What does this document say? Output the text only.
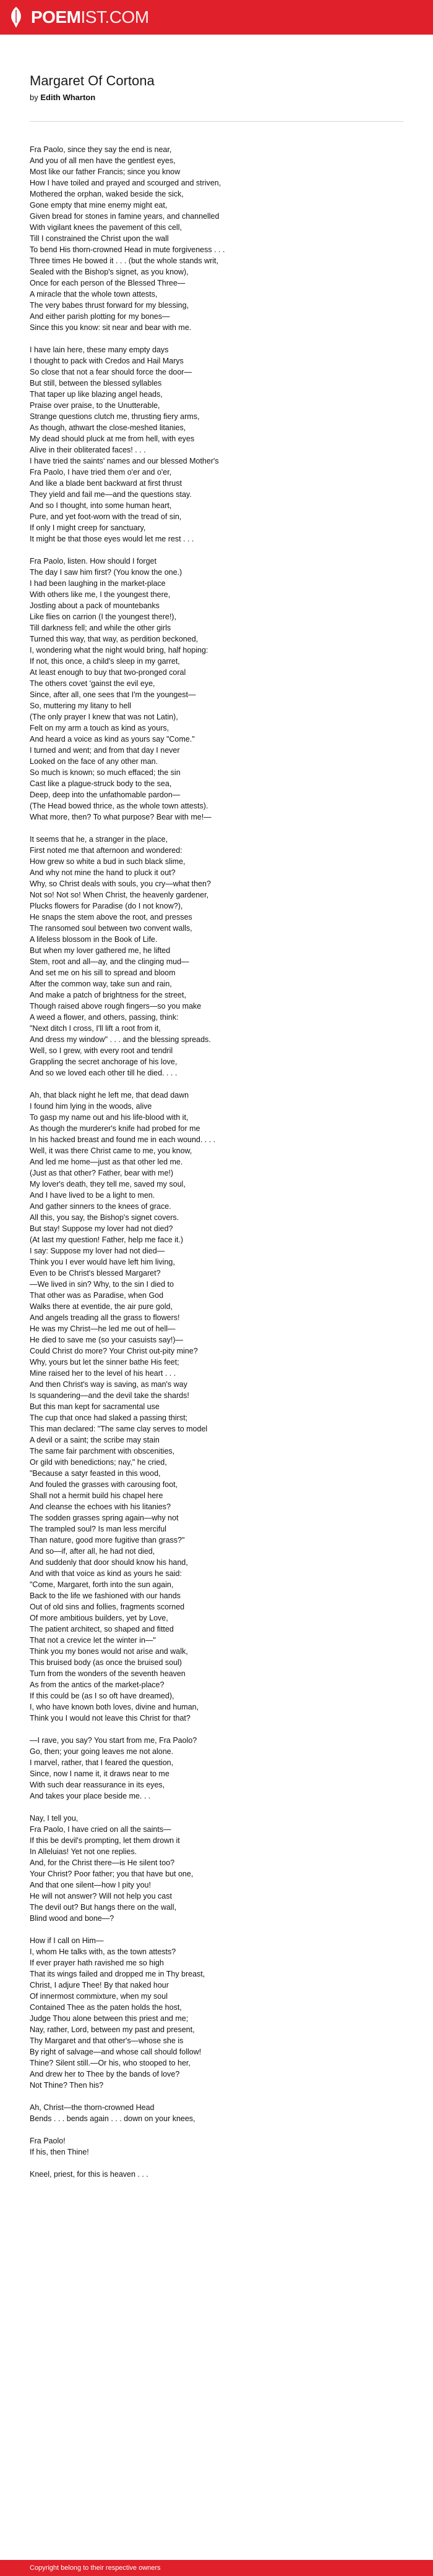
POEMIST.COM
Margaret Of Cortona

by Edith Wharton

Fra Paolo, since they say the end is near,
And you of all men have the gentlest eyes,
Most like our father Francis; since you know
How I have toiled and prayed and scourged and striven,
Mothered the orphan, waked beside the sick,
Gone empty that mine enemy might eat,
Given bread for stones in famine years, and channelled
With vigilant knees the pavement of this cell,
Till I constrained the Christ upon the wall
To bend His thorn-crowned Head in mute forgiveness . . .
Three times He bowed it . . . (but the whole stands writ,
Sealed with the Bishop's signet, as you know),
Once for each person of the Blessed Three—
A miracle that the whole town attests,
The very babes thrust forward for my blessing,
And either parish plotting for my bones—
Since this you know: sit near and bear with me.
I have lain here, these many empty days
I thought to pack with Credos and Hail Marys
So close that not a fear should force the door—
But still, between the blessed syllables
That taper up like blazing angel heads,
Praise over praise, to the Unutterable,
Strange questions clutch me, thrusting fiery arms,
As though, athwart the close-meshed litanies,
My dead should pluck at me from hell, with eyes
Alive in their obliterated faces! . . .
I have tried the saints' names and our blessed Mother's
Fra Paolo, I have tried them o'er and o'er,
And like a blade bent backward at first thrust
They yield and fail me—and the questions stay.
And so I thought, into some human heart,
Pure, and yet foot-worn with the tread of sin,
If only I might creep for sanctuary,
It might be that those eyes would let me rest . . .
Fra Paolo, listen. How should I forget
The day I saw him first? (You know the one.)
I had been laughing in the market-place
With others like me, I the youngest there,
Jostling about a pack of mountebanks
Like flies on carrion (I the youngest there!),
Till darkness fell; and while the other girls
Turned this way, that way, as perdition beckoned,
I, wondering what the night would bring, half hoping:
If not, this once, a child's sleep in my garret,
At least enough to buy that two-pronged coral
The others covet 'gainst the evil eye,
Since, after all, one sees that I'm the youngest—
So, muttering my litany to hell
(The only prayer I knew that was not Latin),
Felt on my arm a touch as kind as yours,
And heard a voice as kind as yours say "Come."
I turned and went; and from that day I never
Looked on the face of any other man.
So much is known; so much effaced; the sin
Cast like a plague-struck body to the sea,
Deep, deep into the unfathomable pardon—
(The Head bowed thrice, as the whole town attests).
What more, then? To what purpose? Bear with me!—
It seems that he, a stranger in the place,
First noted me that afternoon and wondered:
How grew so white a bud in such black slime,
And why not mine the hand to pluck it out?
Why, so Christ deals with souls, you cry—what then?
Not so! Not so! When Christ, the heavenly gardener,
Plucks flowers for Paradise (do I not know?),
He snaps the stem above the root, and presses
The ransomed soul between two convent walls,
A lifeless blossom in the Book of Life.
But when my lover gathered me, he lifted
Stem, root and all—ay, and the clinging mud—
And set me on his sill to spread and bloom
After the common way, take sun and rain,
And make a patch of brightness for the street,
Though raised above rough fingers—so you make
A weed a flower, and others, passing, think:
"Next ditch I cross, I'll lift a root from it,
And dress my window" . . . and the blessing spreads.
Well, so I grew, with every root and tendril
Grappling the secret anchorage of his love,
And so we loved each other till he died. . . .
Ah, that black night he left me, that dead dawn
I found him lying in the woods, alive
To gasp my name out and his life-blood with it,
As though the murderer's knife had probed for me
In his hacked breast and found me in each wound. . . .
Well, it was there Christ came to me, you know,
And led me home—just as that other led me.
(Just as that other? Father, bear with me!)
My lover's death, they tell me, saved my soul,
And I have lived to be a light to men.
And gather sinners to the knees of grace.
All this, you say, the Bishop's signet covers.
But stay! Suppose my lover had not died?
(At last my question! Father, help me face it.)
I say: Suppose my lover had not died—
Think you I ever would have left him living,
Even to be Christ's blessed Margaret?
—We lived in sin? Why, to the sin I died to
That other was as Paradise, when God
Walks there at eventide, the air pure gold,
And angels treading all the grass to flowers!
He was my Christ—he led me out of hell—
He died to save me (so your casuists say!)—
Could Christ do more? Your Christ out-pity mine?
Why, yours but let the sinner bathe His feet;
Mine raised her to the level of his heart . . .
And then Christ's way is saving, as man's way
Is squandering—and the devil take the shards!
But this man kept for sacramental use
The cup that once had slaked a passing thirst;
This man declared: "The same clay serves to model
A devil or a saint; the scribe may stain
The same fair parchment with obscenities,
Or gild with benedictions; nay," he cried,
"Because a satyr feasted in this wood,
And fouled the grasses with carousing foot,
Shall not a hermit build his chapel here
And cleanse the echoes with his litanies?
The sodden grasses spring again—why not
The trampled soul? Is man less merciful
Than nature, good more fugitive than grass?"
And so—if, after all, he had not died,
And suddenly that door should know his hand,
And with that voice as kind as yours he said:
"Come, Margaret, forth into the sun again,
Back to the life we fashioned with our hands
Out of old sins and follies, fragments scorned
Of more ambitious builders, yet by Love,
The patient architect, so shaped and fitted
That not a crevice let the winter in—"
Think you my bones would not arise and walk,
This bruised body (as once the bruised soul)
Turn from the wonders of the seventh heaven
As from the antics of the market-place?
If this could be (as I so oft have dreamed),
I, who have known both loves, divine and human,
Think you I would not leave this Christ for that?
—I rave, you say? You start from me, Fra Paolo?
Go, then; your going leaves me not alone.
I marvel, rather, that I feared the question,
Since, now I name it, it draws near to me
With such dear reassurance in its eyes,
And takes your place beside me. . .
Nay, I tell you,
Fra Paolo, I have cried on all the saints—
If this be devil's prompting, let them drown it
In Alleluias! Yet not one replies.
And, for the Christ there—is He silent too?
Your Christ? Poor father; you that have but one,
And that one silent—how I pity you!
He will not answer? Will not help you cast
The devil out? But hangs there on the wall,
Blind wood and bone—?
How if I call on Him—
I, whom He talks with, as the town attests?
If ever prayer hath ravished me so high
That its wings failed and dropped me in Thy breast,
Christ, I adjure Thee! By that naked hour
Of innermost commixture, when my soul
Contained Thee as the paten holds the host,
Judge Thou alone between this priest and me;
Nay, rather, Lord, between my past and present,
Thy Margaret and that other's—whose she is
By right of salvage—and whose call should follow!
Thine? Silent still.—Or his, who stooped to her,
And drew her to Thee by the bands of love?
Not Thine? Then his?
Ah, Christ—the thorn-crowned Head
Bends . . . bends again . . . down on your knees,
Fra Paolo!
If his, then Thine!
Kneel, priest, for this is heaven . . .
Copyright belong to their respective owners
